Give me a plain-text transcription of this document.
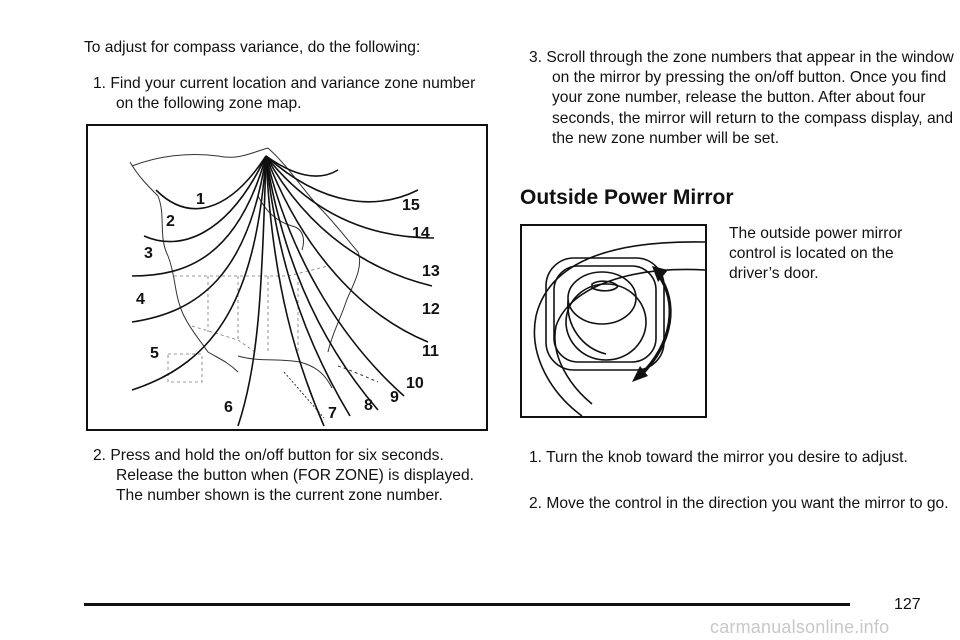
To adjust for compass variance, do the following:

1. Find your current location and variance zone number on the following zone map.

1
2
3
4
5
6	7 8 9
10
11
12
13
14
15

2. Press and hold the on/off button for six seconds. Release the button when (FOR ZONE) is displayed. The number shown is the current zone number.

3. Scroll through the zone numbers that appear in the window on the mirror by pressing the on/off button. Once you find your zone number, release the button. After about four seconds, the mirror will return to the compass display, and the new zone number will be set.

Outside Power Mirror

The outside power mirror control is located on the driver’s door.

1. Turn the knob toward the mirror you desire to adjust.

2. Move the control in the direction you want the mirror to go.

127
carmanualsonline.info
